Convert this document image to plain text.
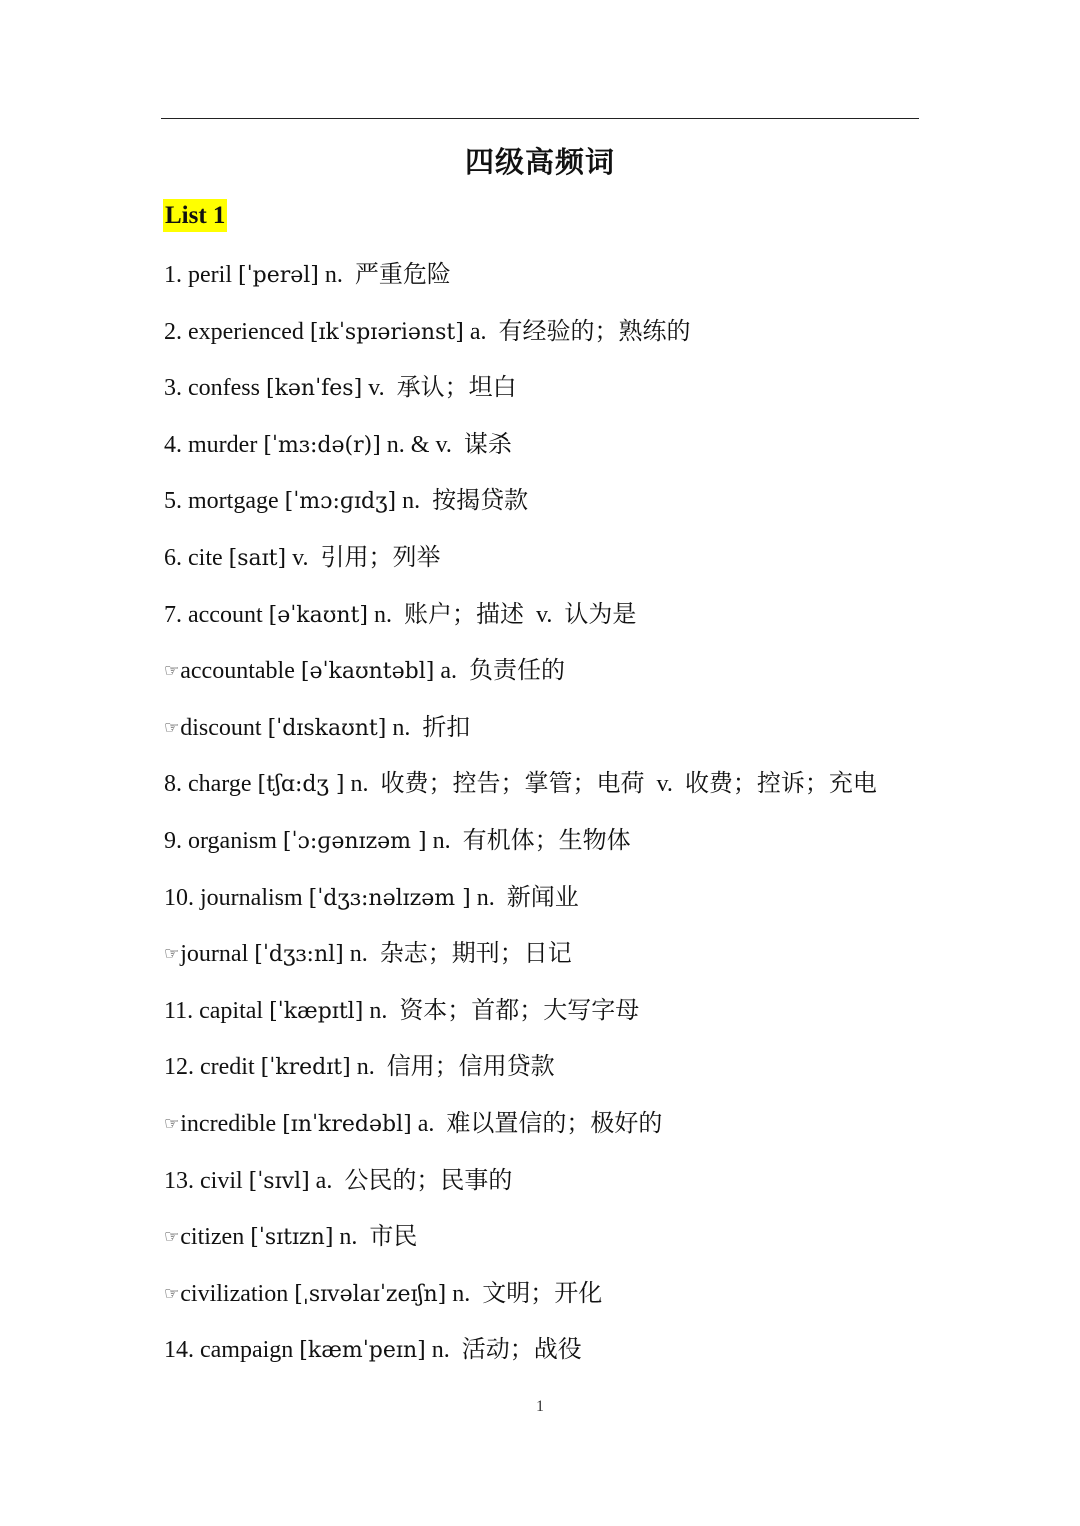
四级高频词
List 1
1. peril [ˈperəl] n.  严重危险
2. experienced [ɪkˈspɪəriənst] a.  有经验的；熟练的
3. confess [kənˈfes] v.  承认；坦白
4. murder [ˈmɜ:də(r)] n. & v.  谋杀
5. mortgage [ˈmɔ:ɡɪdʒ] n.  按揭贷款
6. cite [saɪt] v.  引用；列举
7. account [əˈkaʊnt] n.  账户；描述  v.  认为是
☞accountable [əˈkaʊntəbl] a.  负责任的
☞discount [ˈdɪskaʊnt] n.  折扣
8. charge [tʃɑ:dʒ ] n.  收费；控告；掌管；电荷  v.  收费；控诉；充电
9. organism [ˈɔ:ɡənɪzəm ] n.  有机体；生物体
10. journalism [ˈdʒɜ:nəlɪzəm ] n.  新闻业
☞journal [ˈdʒɜ:nl] n.  杂志；期刊；日记
11. capital [ˈkæpɪtl] n.  资本；首都；大写字母
12. credit [ˈkredɪt] n.  信用；信用贷款
☞incredible [ɪnˈkredəbl] a.  难以置信的；极好的
13. civil [ˈsɪvl] a.  公民的；民事的
☞citizen [ˈsɪtɪzn] n.  市民
☞civilization [ˌsɪvəlaɪˈzeɪʃn] n.  文明；开化
14. campaign [kæmˈpeɪn] n.  活动；战役
1
